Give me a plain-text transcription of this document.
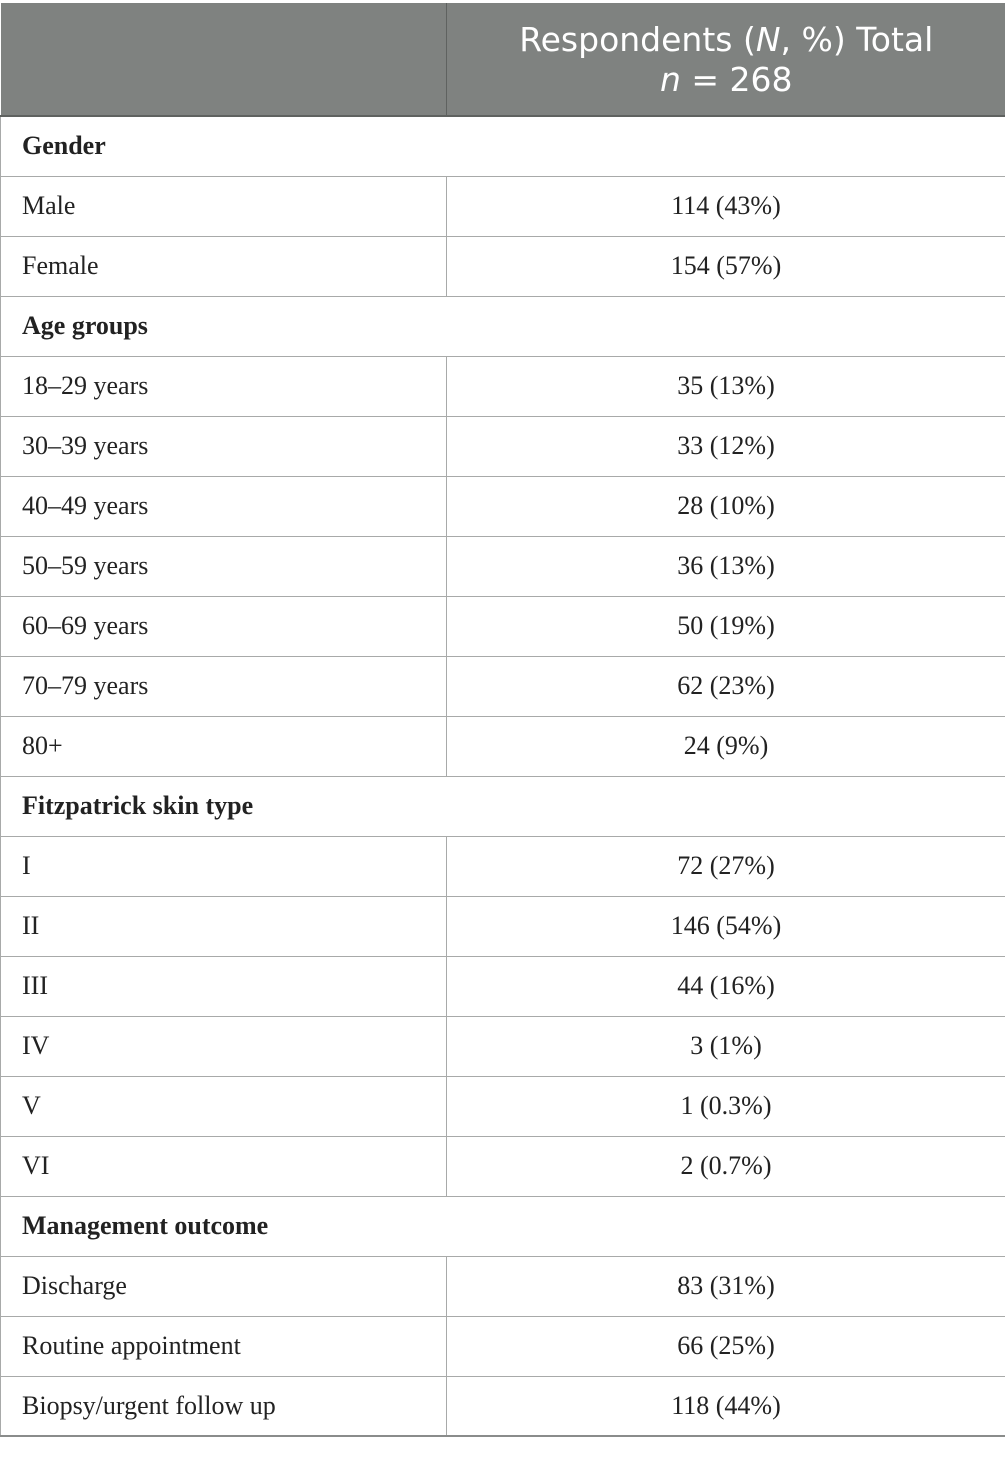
	Respondents (N, %) Total
n = 268
Gender	
Male	114 (43%)
Female	154 (57%)
Age groups	
18–29 years	35 (13%)
30–39 years	33 (12%)
40–49 years	28 (10%)
50–59 years	36 (13%)
60–69 years	50 (19%)
70–79 years	62 (23%)
80+	24 (9%)
Fitzpatrick skin type	
I	72 (27%)
II	146 (54%)
III	44 (16%)
IV	3 (1%)
V	1 (0.3%)
VI	2 (0.7%)
Management outcome	
Discharge	83 (31%)
Routine appointment	66 (25%)
Biopsy/urgent follow up	118 (44%)
